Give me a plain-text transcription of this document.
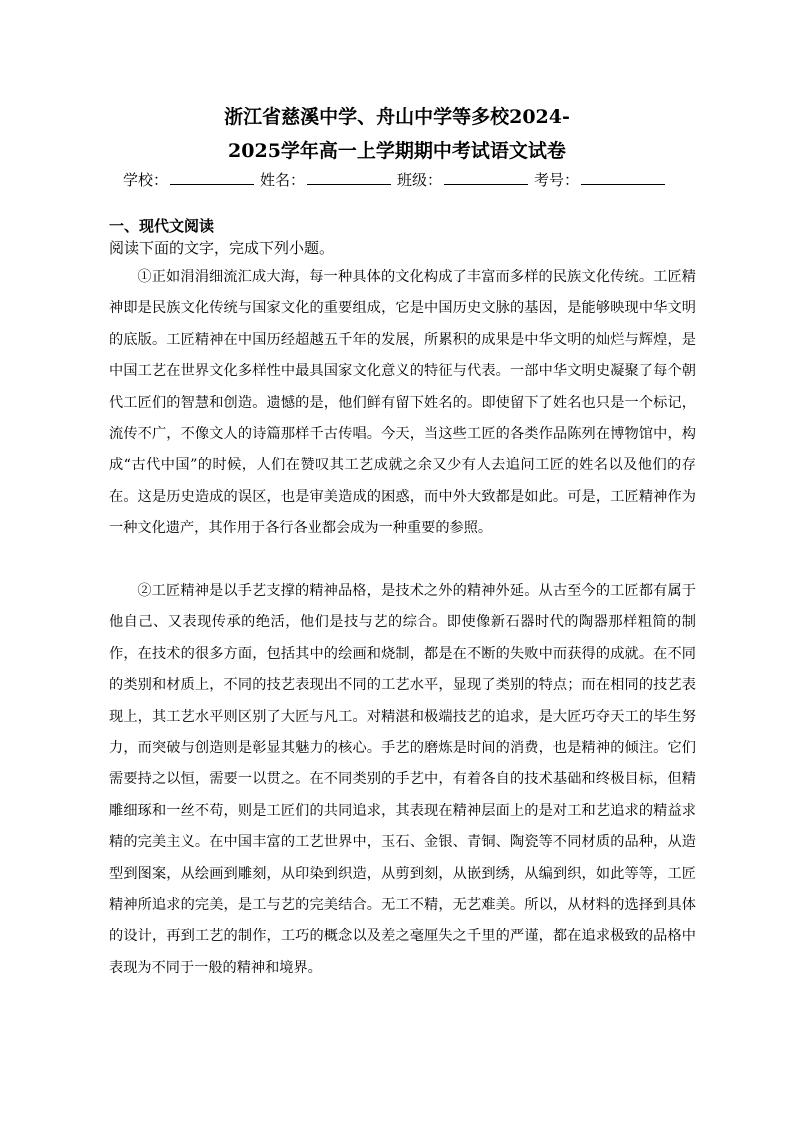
浙江省慈溪中学、舟山中学等多校2024-
2025学年高一上学期期中考试语文试卷
学校：	姓名：	班级：	考号：
一、现代文阅读
阅读下面的文字，完成下列小题。

①正如涓涓细流汇成大海，每一种具体的文化构成了丰富而多样的民族文化传统。工匠精神即是民族文化传统与国家文化的重要组成，它是中国历史文脉的基因，是能够映现中华文明的底版。工匠精神在中国历经超越五千年的发展，所累积的成果是中华文明的灿烂与辉煌，是中国工艺在世界文化多样性中最具国家文化意义的特征与代表。一部中华文明史凝聚了每个朝代工匠们的智慧和创造。遗憾的是，他们鲜有留下姓名的。即使留下了姓名也只是一个标记，流传不广，不像文人的诗篇那样千古传唱。今天，当这些工匠的各类作品陈列在博物馆中，构成“古代中国”的时候，人们在赞叹其工艺成就之余又少有人去追问工匠的姓名以及他们的存在。这是历史造成的误区，也是审美造成的困惑，而中外大致都是如此。可是，工匠精神作为一种文化遗产，其作用于各行各业都会成为一种重要的参照。

②工匠精神是以手艺支撑的精神品格，是技术之外的精神外延。从古至今的工匠都有属于他自己、又表现传承的绝活，他们是技与艺的综合。即使像新石器时代的陶器那样粗简的制作，在技术的很多方面，包括其中的绘画和烧制，都是在不断的失败中而获得的成就。在不同的类别和材质上，不同的技艺表现出不同的工艺水平，显现了类别的特点；而在相同的技艺表现上，其工艺水平则区别了大匠与凡工。对精湛和极端技艺的追求，是大匠巧夺天工的毕生努力，而突破与创造则是彰显其魅力的核心。手艺的磨炼是时间的消费，也是精神的倾注。它们需要持之以恒，需要一以贯之。在不同类别的手艺中，有着各自的技术基础和终极目标，但精雕细琢和一丝不苟，则是工匠们的共同追求，其表现在精神层面上的是对工和艺追求的精益求精的完美主义。在中国丰富的工艺世界中，玉石、金银、青铜、陶瓷等不同材质的品种，从造型到图案，从绘画到雕刻，从印染到织造，从剪到刻，从嵌到绣，从编到织，如此等等，工匠精神所追求的完美，是工与艺的完美结合。无工不精，无艺难美。所以，从材料的选择到具体的设计，再到工艺的制作，工巧的概念以及差之毫厘失之千里的严谨，都在追求极致的品格中表现为不同于一般的精神和境界。
